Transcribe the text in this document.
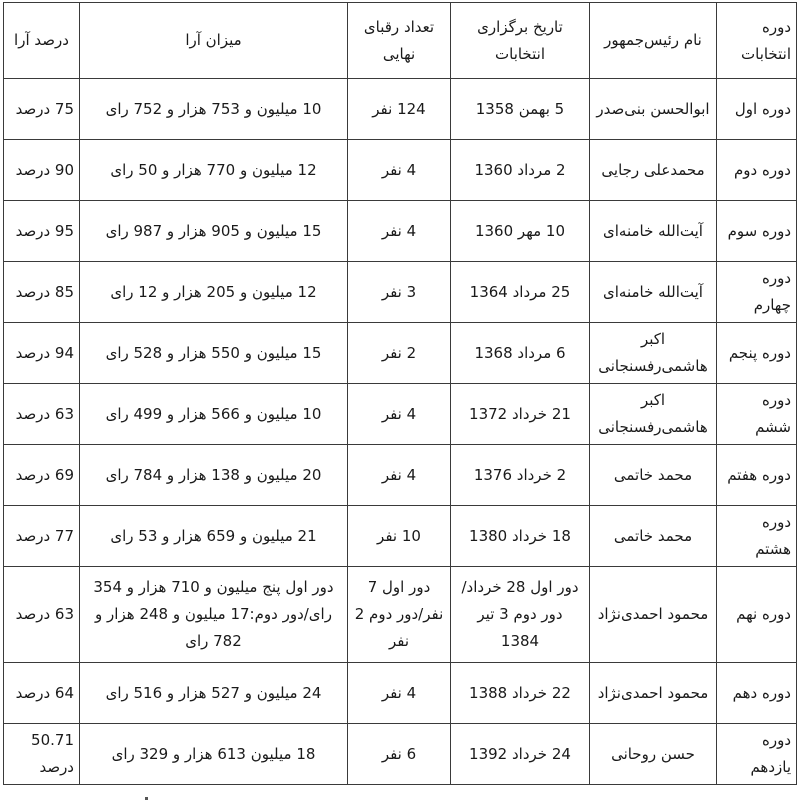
دوره انتخابات	نام رئیس‌جمهور	تاریخ برگزاری انتخابات	تعداد رقبای نهایی	میزان آرا	درصد آرا
دوره اول	ابوالحسن بنی‌صدر	5 بهمن 1358	124 نفر	10 میلیون و 753 هزار و 752 رای	75 درصد
دوره دوم	محمدعلی رجایی	2 مرداد 1360	4 نفر	12 میلیون و 770 هزار و 50 رای	90 درصد
دوره سوم	آیت‌الله خامنه‌ای	10 مهر 1360	4 نفر	15 میلیون و 905 هزار و 987 رای	95 درصد
دوره چهارم	آیت‌الله خامنه‌ای	25 مرداد 1364	3 نفر	12 میلیون و 205 هزار و 12 رای	85 درصد
دوره پنجم	اکبر هاشمی‌رفسنجانی	6 مرداد 1368	2 نفر	15 میلیون و 550 هزار و 528 رای	94 درصد
دوره ششم	اکبر هاشمی‌رفسنجانی	21 خرداد 1372	4 نفر	10 میلیون و 566 هزار و 499 رای	63 درصد
دوره هفتم	محمد خاتمی	2 خرداد 1376	4 نفر	20 میلیون و 138 هزار و 784 رای	69 درصد
دوره هشتم	محمد خاتمی	18 خرداد 1380	10 نفر	21 میلیون و 659 هزار و 53 رای	77 درصد
دوره نهم	محمود احمدی‌نژاد	دور اول 28 خرداد/دور دوم 3 تیر 1384	دور اول 7 نفر/دور دوم 2 نفر	دور اول پنج میلیون و 710 هزار و 354 رای/دور دوم:17 میلیون و 248 هزار و 782 رای	63 درصد
دوره دهم	محمود احمدی‌نژاد	22 خرداد 1388	4 نفر	24 میلیون و 527 هزار و 516 رای	64 درصد
دوره یازدهم	حسن روحانی	24 خرداد 1392	6 نفر	18 میلیون 613 هزار و 329 رای	50.71 درصد
